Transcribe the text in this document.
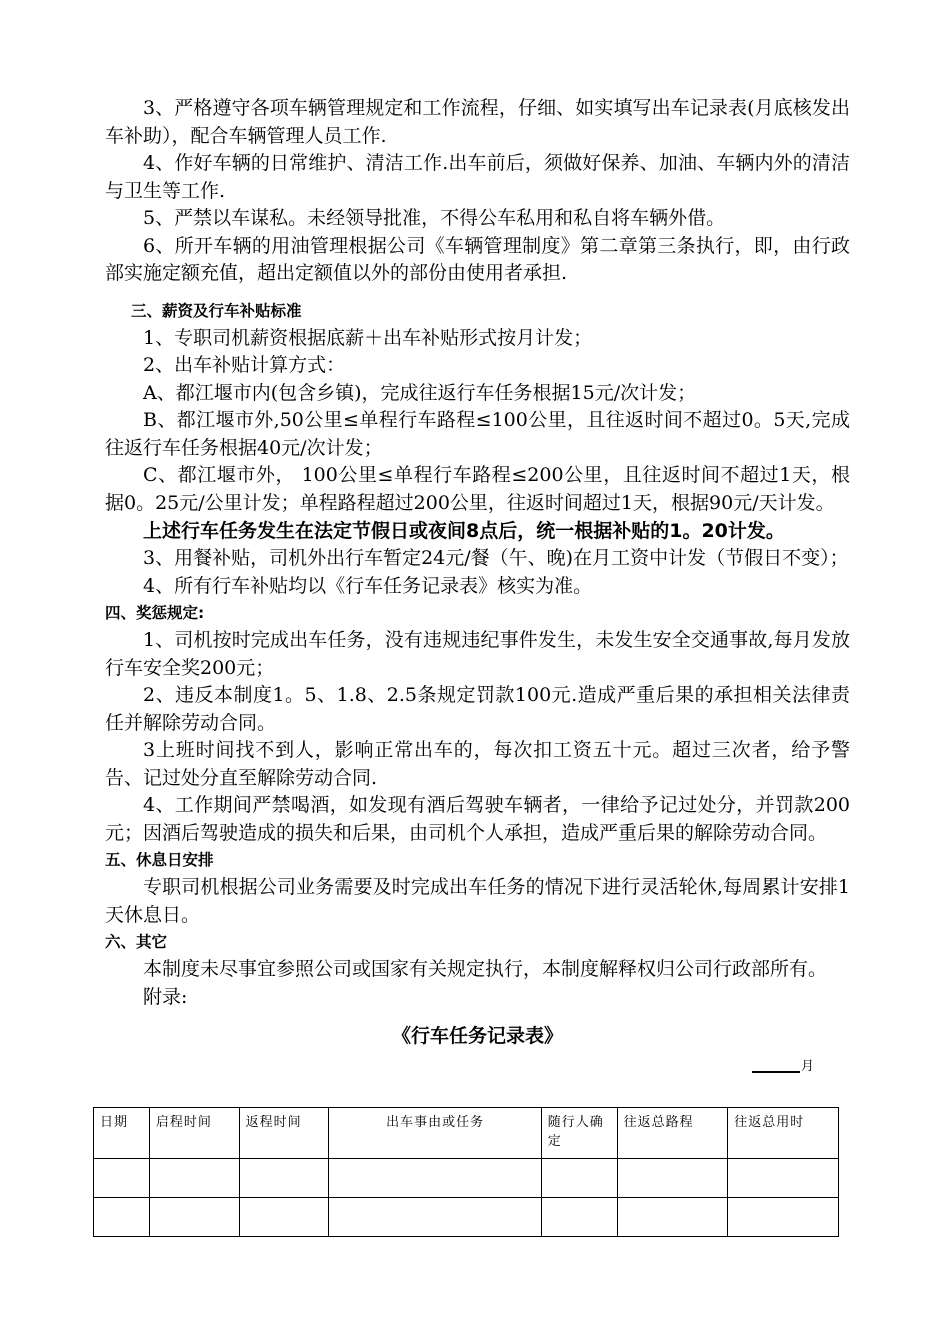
3、严格遵守各项车辆管理规定和工作流程，仔细、如实填写出车记录表(月底核发出车补助），配合车辆管理人员工作.

4、作好车辆的日常维护、清洁工作.出车前后，须做好保养、加油、车辆内外的清洁与卫生等工作.

5、严禁以车谋私。未经领导批准，不得公车私用和私自将车辆外借。

6、所开车辆的用油管理根据公司《车辆管理制度》第二章第三条执行，即，由行政部实施定额充值，超出定额值以外的部份由使用者承担.

三、薪资及行车补贴标准

1、专职司机薪资根据底薪＋出车补贴形式按月计发；

2、出车补贴计算方式：

A、都江堰市内(包含乡镇)，完成往返行车任务根据15元/次计发；

B、都江堰市外,50公里≤单程行车路程≤100公里，且往返时间不超过0。5天,完成往返行车任务根据40元/次计发；

C、都江堰市外， 100公里≤单程行车路程≤200公里，且往返时间不超过1天，根据0。25元/公里计发；单程路程超过200公里，往返时间超过1天，根据90元/天计发。

上述行车任务发生在法定节假日或夜间8点后，统一根据补贴的1。20计发。

3、用餐补贴，司机外出行车暂定24元/餐（午、晚)在月工资中计发（节假日不变）；

4、所有行车补贴均以《行车任务记录表》核实为准。

四、奖惩规定:

1、司机按时完成出车任务，没有违规违纪事件发生，未发生安全交通事故,每月发放行车安全奖200元；

2、违反本制度1。5、1.8、2.5条规定罚款100元.造成严重后果的承担相关法律责任并解除劳动合同。

3上班时间找不到人，影响正常出车的，每次扣工资五十元。超过三次者，给予警告、记过处分直至解除劳动合同.

4、工作期间严禁喝酒，如发现有酒后驾驶车辆者，一律给予记过处分，并罚款200元；因酒后驾驶造成的损失和后果，由司机个人承担，造成严重后果的解除劳动合同。

五、休息日安排

专职司机根据公司业务需要及时完成出车任务的情况下进行灵活轮休,每周累计安排1天休息日。

六、其它

本制度未尽事宜参照公司或国家有关规定执行，本制度解释权归公司行政部所有。

附录:

《行车任务记录表》

月
日期	启程时间	返程时间	出车事由或任务	随行人确定	往返总路程	往返总用时
